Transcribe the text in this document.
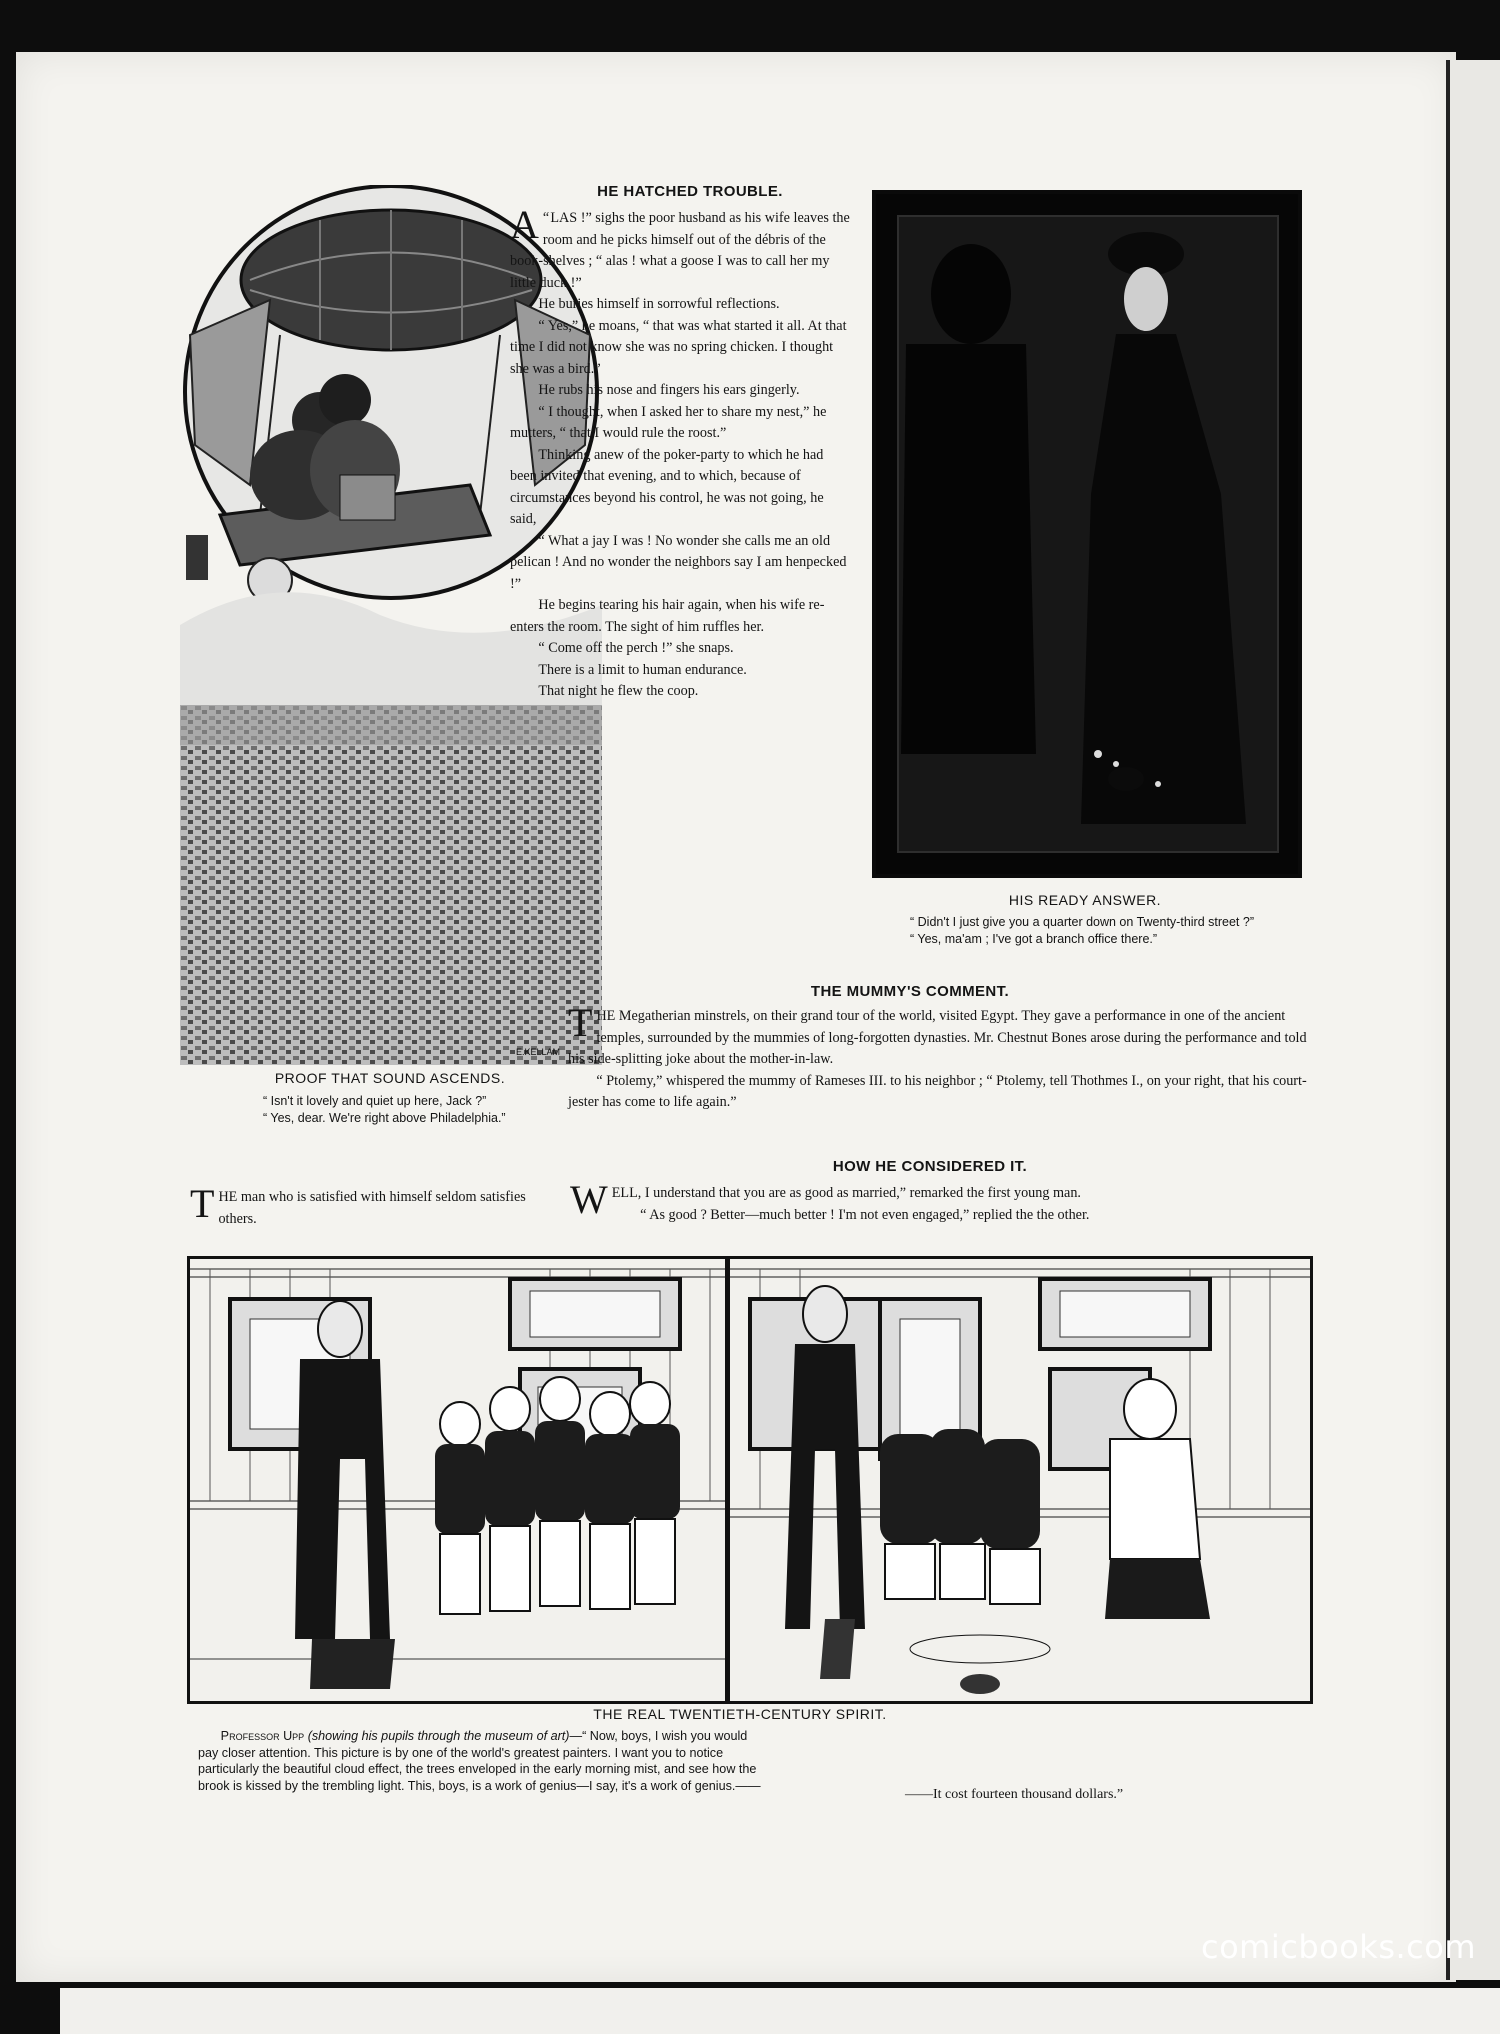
E.KELLAM
HE HATCHED TROUBLE.
A “ LAS !” sighs the poor husband as his wife leaves the room and he picks himself out of the débris of the book-shelves ; “ alas ! what a goose I was to call her my little duck !”

He buries himself in sorrowful reflections.

“ Yes,” he moans, “ that was what started it all. At that time I did not know she was no spring chicken. I thought she was a bird.”

He rubs his nose and fingers his ears gingerly.

“ I thought, when I asked her to share my nest,” he mutters, “ that I would rule the roost.”

Thinking anew of the poker-party to which he had been invited that evening, and to which, because of circumstances beyond his control, he was not going, he said,

“ What a jay I was ! No wonder she calls me an old pelican ! And no wonder the neighbors say I am henpecked !”

He begins tearing his hair again, when his wife re-enters the room. The sight of him ruffles her.

“ Come off the perch !” she snaps.

There is a limit to human endurance.

That night he flew the coop.

HIS READY ANSWER.

“ Didn't I just give you a quarter down on Twenty-third street ?”

“ Yes, ma'am ; I've got a branch office there.”

THE MUMMY'S COMMENT.
T HE Megatherian minstrels, on their grand tour of the world, visited Egypt. They gave a performance in one of the ancient temples, surrounded by the mummies of long-forgotten dynasties. Mr. Chestnut Bones arose during the performance and told his side-splitting joke about the mother-in-law.

“ Ptolemy,” whispered the mummy of Rameses III. to his neighbor ; “ Ptolemy, tell Thothmes I., on your right, that his court-jester has come to life again.”

PROOF THAT SOUND ASCENDS.

“ Isn't it lovely and quiet up here, Jack ?”

“ Yes, dear. We're right above Philadelphia.”

HOW HE CONSIDERED IT.
W ELL, I understand that you are as good as married,” remarked the first young man.

“ As good ? Better—much better ! I'm not even engaged,” replied the the other.

T HE man who is satisfied with himself seldom satisfies others.

THE REAL TWENTIETH-CENTURY SPIRIT.

Professor Upp (showing his pupils through the museum of art)—“ Now, boys, I wish you would pay closer attention. This picture is by one of the world's greatest painters. I want you to notice particularly the beautiful cloud effect, the trees enveloped in the early morning mist, and see how the brook is kissed by the trembling light. This, boys, is a work of genius—I say, it's a work of genius.——

——It cost fourteen thousand dollars.”
comicbooks.com
